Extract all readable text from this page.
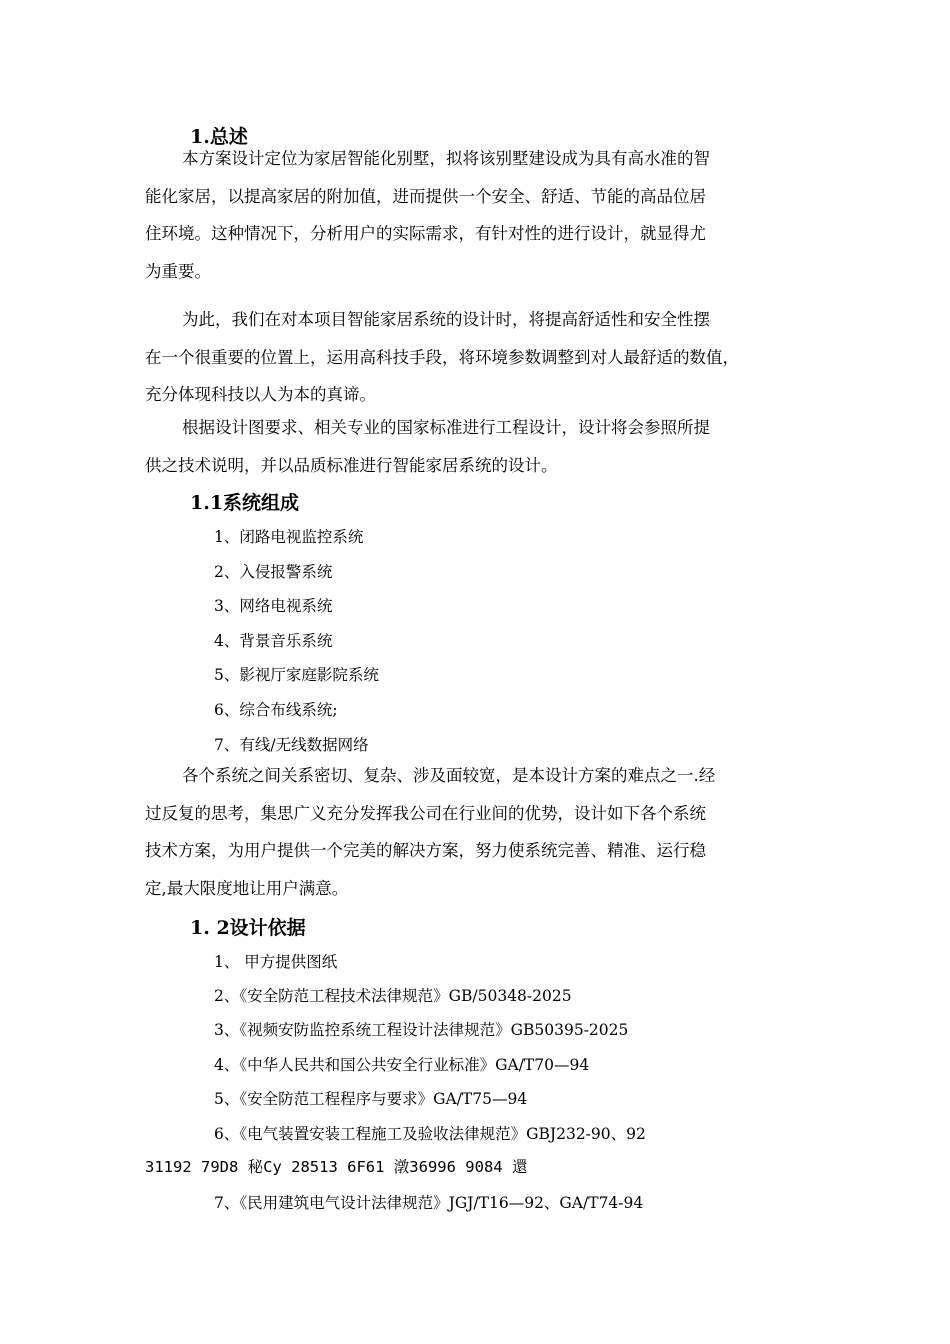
1.总述
本方案设计定位为家居智能化别墅，拟将该别墅建设成为具有高水准的智
能化家居，以提高家居的附加值，进而提供一个安全、舒适、节能的高品位居
住环境。这种情况下，分析用户的实际需求，有针对性的进行设计，就显得尤
为重要。
为此，我们在对本项目智能家居系统的设计时，将提高舒适性和安全性摆
在一个很重要的位置上，运用高科技手段，将环境参数调整到对人最舒适的数值，
充分体现科技以人为本的真谛。
根据设计图要求、相关专业的国家标准进行工程设计，设计将会参照所提
供之技术说明，并以品质标准进行智能家居系统的设计。
1.1系统组成
1、闭路电视监控系统
2、入侵报警系统
3、网络电视系统
4、背景音乐系统
5、影视厅家庭影院系统
6、综合布线系统;
7、有线/无线数据网络
各个系统之间关系密切、复杂、涉及面较宽，是本设计方案的难点之一.经
过反复的思考，集思广义充分发挥我公司在行业间的优势，设计如下各个系统
技术方案，为用户提供一个完美的解决方案，努力使系统完善、精准、运行稳
定,最大限度地让用户满意。
1. 2设计依据
1、 甲方提供图纸
2、《安全防范工程技术法律规范》GB/50348-2025
3、《视频安防监控系统工程设计法律规范》GB50395-2025
4、《中华人民共和国公共安全行业标准》GA/T70—94
5、《安全防范工程程序与要求》GA/T75—94
6、《电气装置安装工程施工及验收法律规范》GBJ232-90、92
31192 79D8 秘Cy 28513 6F61 潡36996 9084 還
7、《民用建筑电气设计法律规范》JGJ/T16—92、GA/T74-94
